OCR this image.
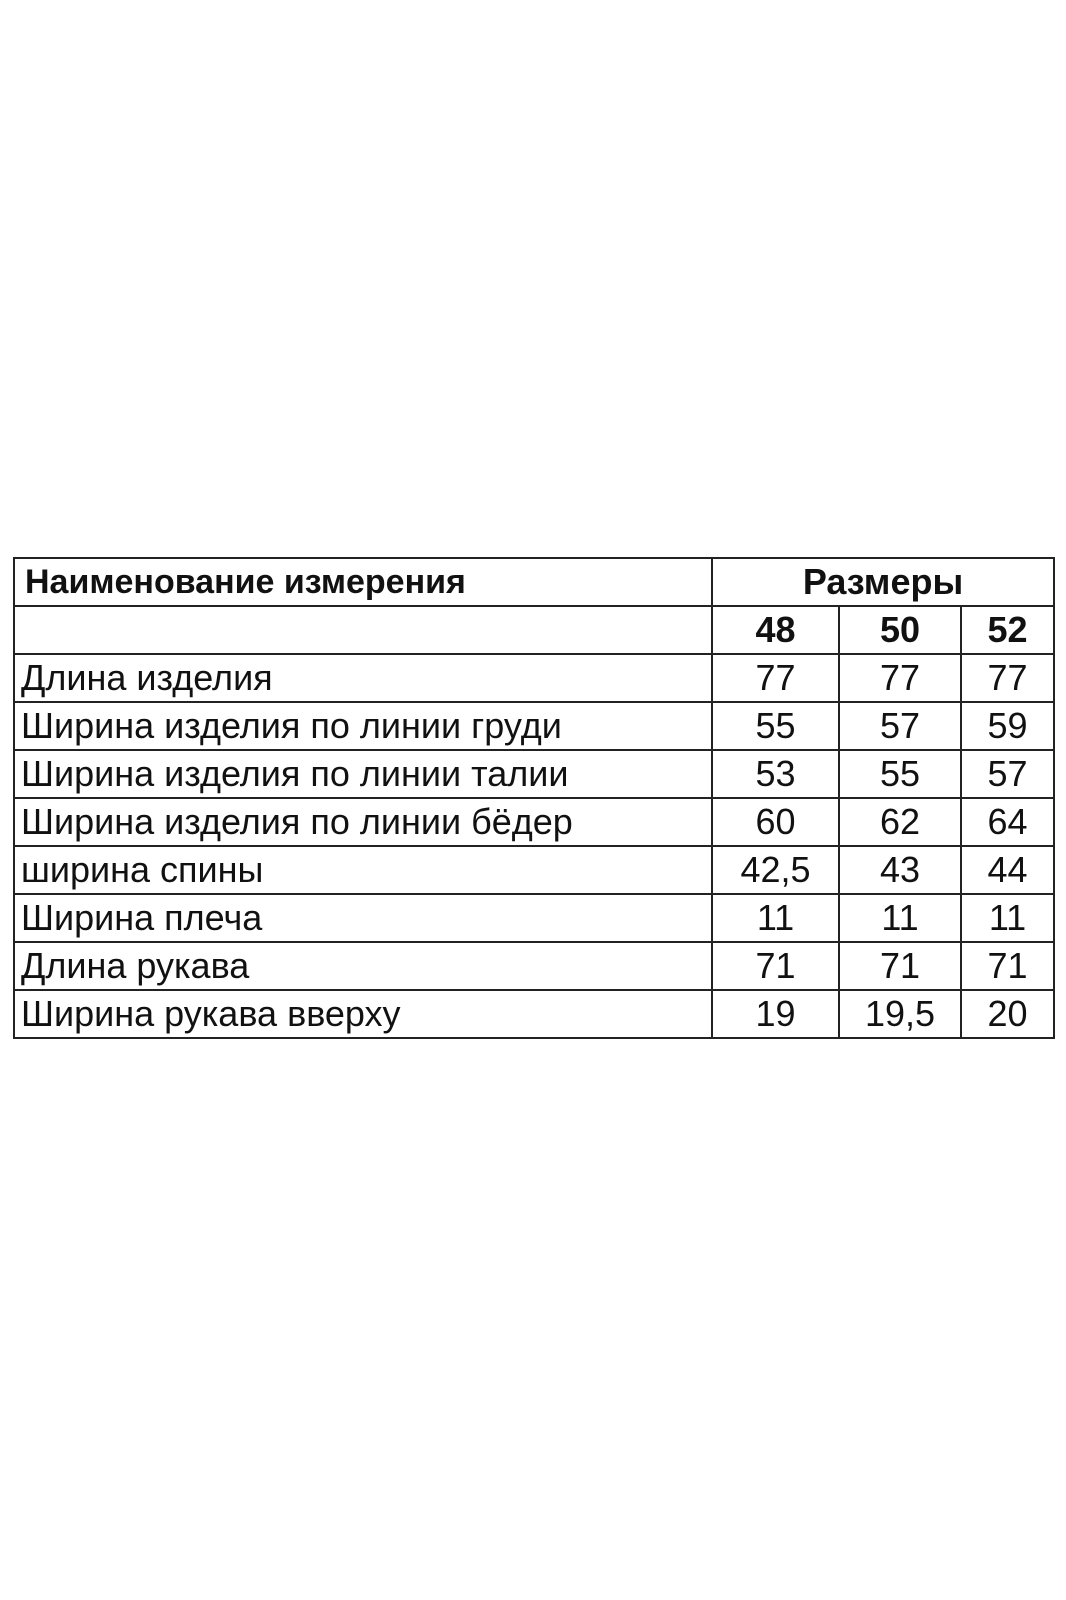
Наименование измерения	Размеры		
	48	50	52
Длина изделия	77	77	77
Ширина изделия по линии груди	55	57	59
Ширина изделия по линии талии	53	55	57
Ширина изделия по линии бёдер	60	62	64
ширина спины	42,5	43	44
Ширина плеча	11	11	11
Длина рукава	71	71	71
Ширина рукава вверху	19	19,5	20
